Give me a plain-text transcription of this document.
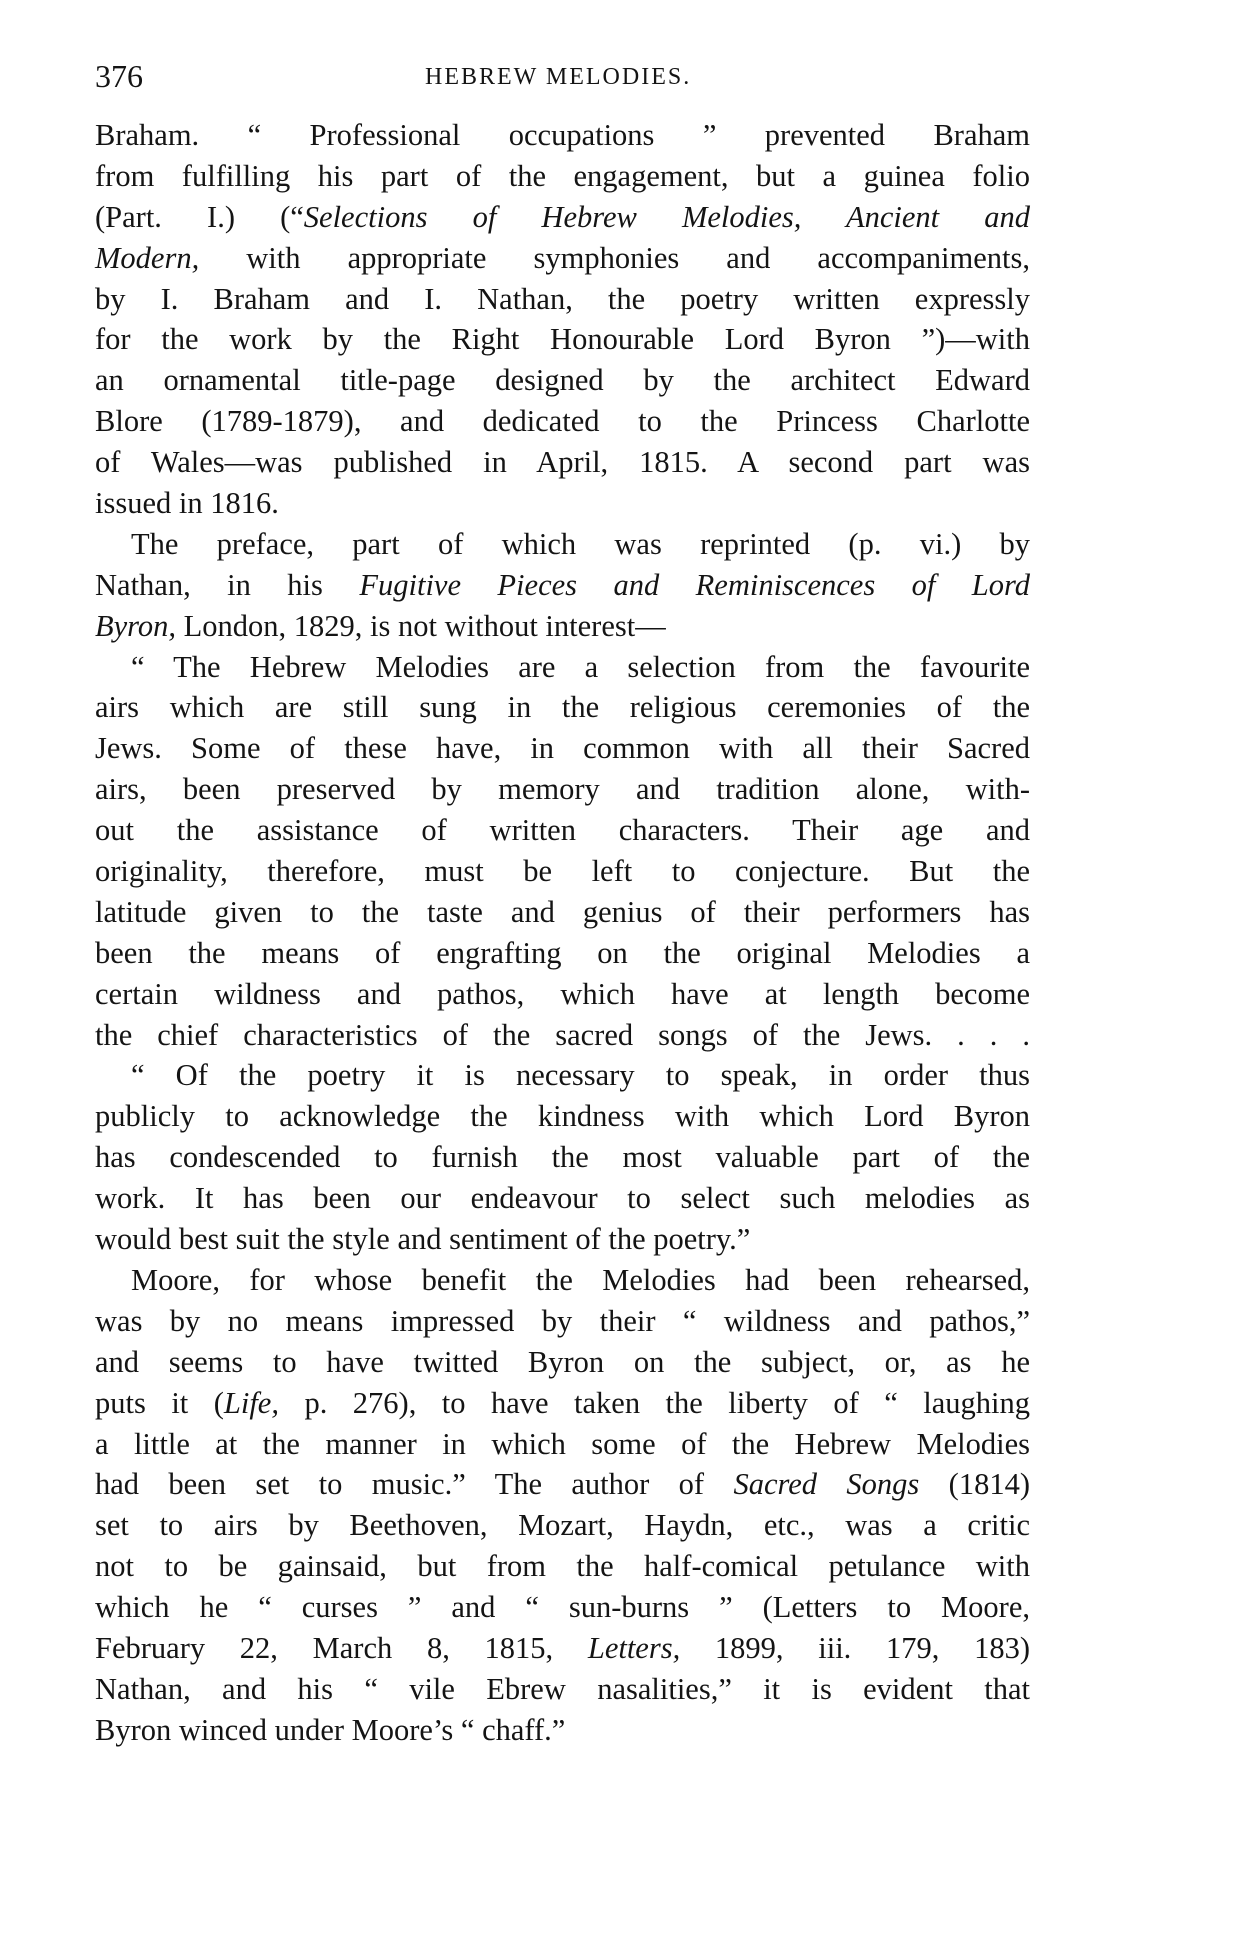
376	HEBREW MELODIES.
Braham. “ Professional occupations ” prevented Braham
from fulfilling his part of the engagement, but a guinea folio
(Part. I.) (“Selections of Hebrew Melodies, Ancient and
Modern, with appropriate symphonies and accompaniments,
by I. Braham and I. Nathan, the poetry written expressly
for the work by the Right Honourable Lord Byron ”)—with
an ornamental title-page designed by the architect Edward
Blore (1789-1879), and dedicated to the Princess Charlotte
of Wales—was published in April, 1815. A second part was
issued in 1816.
The preface, part of which was reprinted (p. vi.) by
Nathan, in his Fugitive Pieces and Reminiscences of Lord
Byron, London, 1829, is not without interest—
“ The Hebrew Melodies are a selection from the favourite
airs which are still sung in the religious ceremonies of the
Jews. Some of these have, in common with all their Sacred
airs, been preserved by memory and tradition alone, with-
out the assistance of written characters. Their age and
originality, therefore, must be left to conjecture. But the
latitude given to the taste and genius of their performers has
been the means of engrafting on the original Melodies a
certain wildness and pathos, which have at length become
the chief characteristics of the sacred songs of the Jews. . . .
“ Of the poetry it is necessary to speak, in order thus
publicly to acknowledge the kindness with which Lord Byron
has condescended to furnish the most valuable part of the
work. It has been our endeavour to select such melodies as
would best suit the style and sentiment of the poetry.”
Moore, for whose benefit the Melodies had been rehearsed,
was by no means impressed by their “ wildness and pathos,”
and seems to have twitted Byron on the subject, or, as he
puts it (Life, p. 276), to have taken the liberty of “ laughing
a little at the manner in which some of the Hebrew Melodies
had been set to music.” The author of Sacred Songs (1814)
set to airs by Beethoven, Mozart, Haydn, etc., was a critic
not to be gainsaid, but from the half-comical petulance with
which he “ curses ” and “ sun-burns ” (Letters to Moore,
February 22, March 8, 1815, Letters, 1899, iii. 179, 183)
Nathan, and his “ vile Ebrew nasalities,” it is evident that
Byron winced under Moore’s “ chaff.”
